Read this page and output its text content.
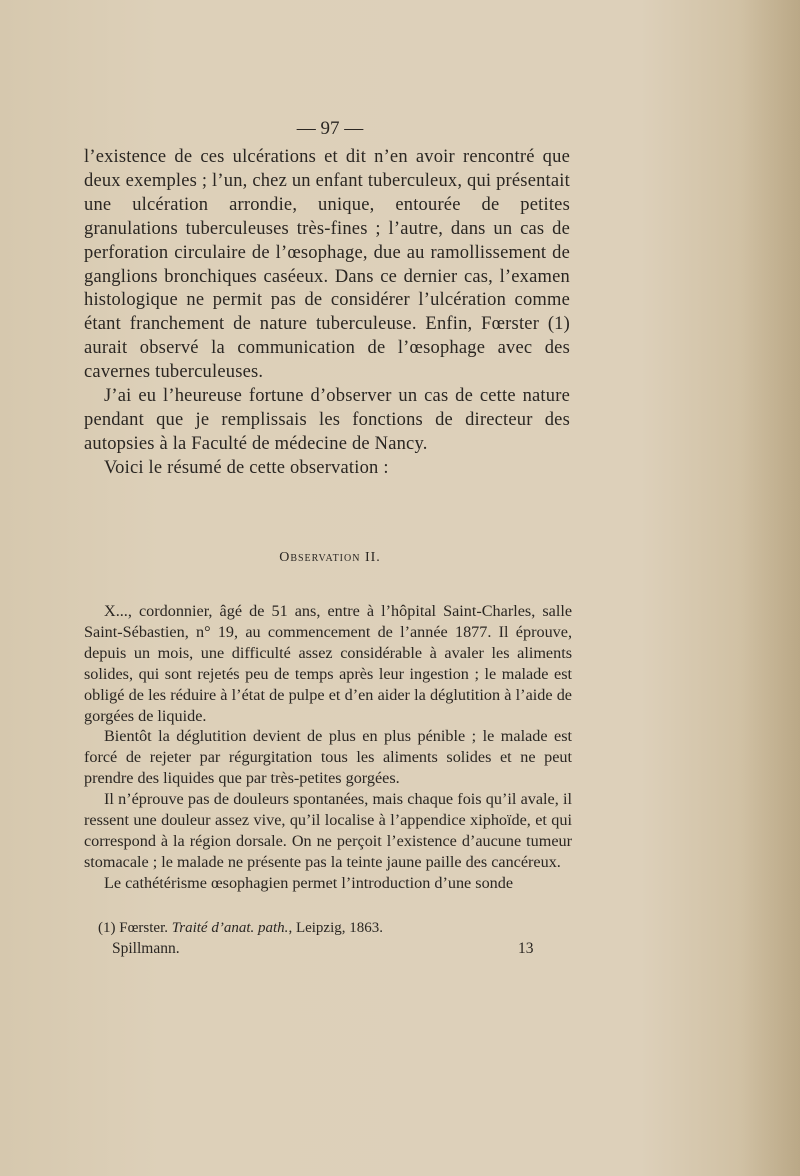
— 97 —

l’existence de ces ulcérations et dit n’en avoir rencontré que deux exemples ; l’un, chez un enfant tuberculeux, qui présentait une ulcération arrondie, unique, entourée de petites granulations tuberculeuses très-fines ; l’autre, dans un cas de perforation circulaire de l’œsophage, due au ramollissement de ganglions bronchiques caséeux. Dans ce dernier cas, l’examen histologique ne permit pas de considérer l’ulcération comme étant franchement de nature tuberculeuse. Enfin, Fœrster (1) aurait observé la communication de l’œsophage avec des cavernes tuberculeuses.

J’ai eu l’heureuse fortune d’observer un cas de cette nature pendant que je remplissais les fonctions de directeur des autopsies à la Faculté de médecine de Nancy.

Voici le résumé de cette observation :

Observation II.

X..., cordonnier, âgé de 51 ans, entre à l’hôpital Saint-Charles, salle Saint-Sébastien, n° 19, au commencement de l’année 1877. Il éprouve, depuis un mois, une difficulté assez considérable à avaler les aliments solides, qui sont rejetés peu de temps après leur ingestion ; le malade est obligé de les réduire à l’état de pulpe et d’en aider la déglutition à l’aide de gorgées de liquide.

Bientôt la déglutition devient de plus en plus pénible ; le malade est forcé de rejeter par régurgitation tous les aliments solides et ne peut prendre des liquides que par très-petites gorgées.

Il n’éprouve pas de douleurs spontanées, mais chaque fois qu’il avale, il ressent une douleur assez vive, qu’il localise à l’appendice xiphoïde, et qui correspond à la région dorsale. On ne perçoit l’existence d’aucune tumeur stomacale ; le malade ne présente pas la teinte jaune paille des cancéreux.

Le cathétérisme œsophagien permet l’introduction d’une sonde

(1) Fœrster. Traité d’anat. path., Leipzig, 1863.
Spillmann.	13
